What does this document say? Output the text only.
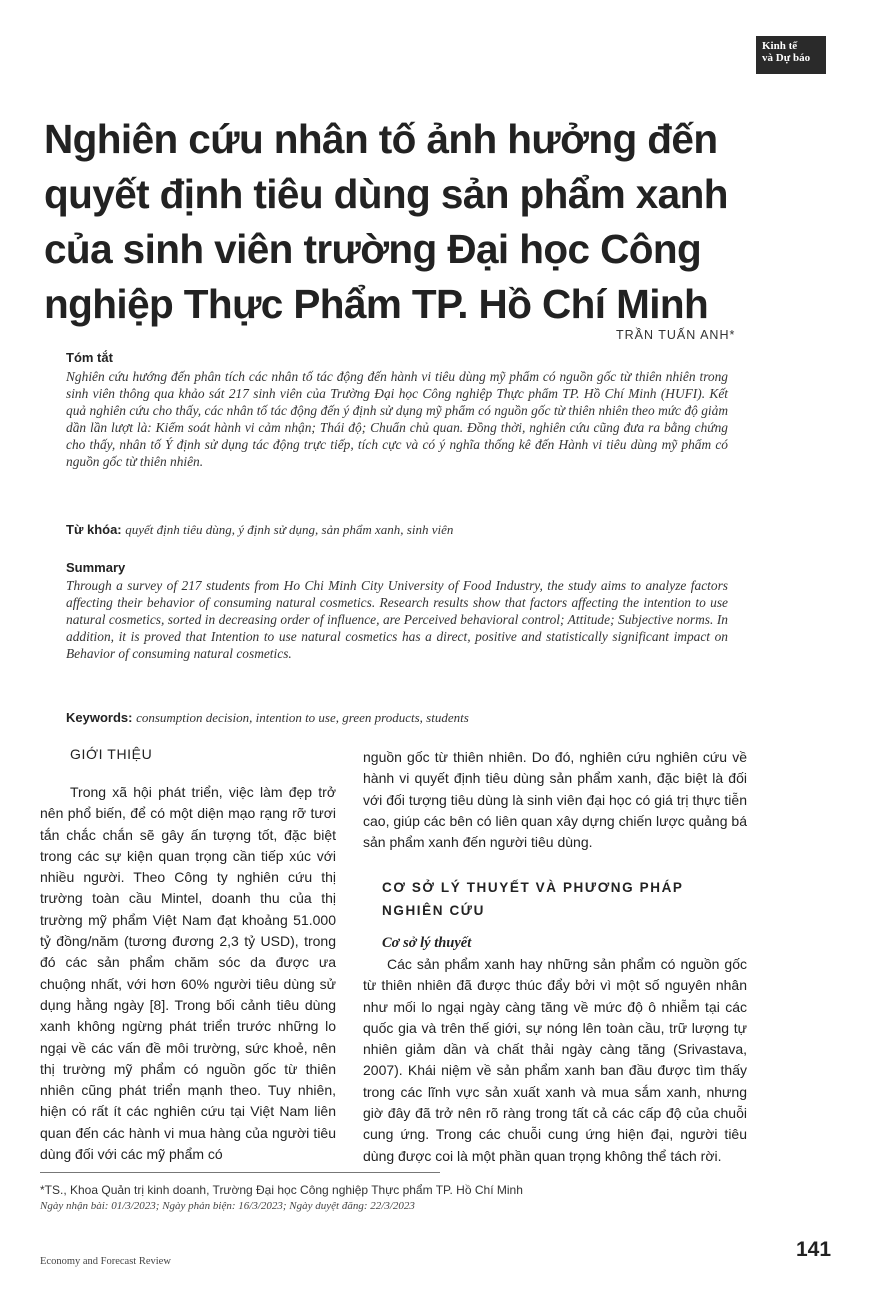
Kinh tế
và Dự báo
Nghiên cứu nhân tố ảnh hưởng đến quyết định tiêu dùng sản phẩm xanh của sinh viên trường Đại học Công nghiệp Thực Phẩm TP. Hồ Chí Minh
TRẦN TUẤN ANH*
Tóm tắt
Nghiên cứu hướng đến phân tích các nhân tố tác động đến hành vi tiêu dùng mỹ phẩm có nguồn gốc từ thiên nhiên trong sinh viên thông qua khảo sát 217 sinh viên của Trường Đại học Công nghiệp Thực phẩm TP. Hồ Chí Minh (HUFI). Kết quả nghiên cứu cho thấy, các nhân tố tác động đến ý định sử dụng mỹ phẩm có nguồn gốc từ thiên nhiên theo mức độ giảm dần lần lượt là: Kiểm soát hành vi cảm nhận; Thái độ; Chuẩn chủ quan. Đồng thời, nghiên cứu cũng đưa ra bằng chứng cho thấy, nhân tố Ý định sử dụng tác động trực tiếp, tích cực và có ý nghĩa thống kê đến Hành vi tiêu dùng mỹ phẩm có nguồn gốc từ thiên nhiên.
Từ khóa: quyết định tiêu dùng, ý định sử dụng, sản phẩm xanh, sinh viên
Summary
Through a survey of 217 students from Ho Chi Minh City University of Food Industry, the study aims to analyze factors affecting their behavior of consuming natural cosmetics. Research results show that factors affecting the intention to use natural cosmetics, sorted in decreasing order of influence, are Perceived behavioral control; Attitude; Subjective norms. In addition, it is proved that Intention to use natural cosmetics has a direct, positive and statistically significant impact on Behavior of consuming natural cosmetics.
Keywords: consumption decision, intention to use, green products, students
GIỚI THIỆU

Trong xã hội phát triển, việc làm đẹp trở nên phổ biến, để có một diện mạo rạng rỡ tươi tắn chắc chắn sẽ gây ấn tượng tốt, đặc biệt trong các sự kiện quan trọng cần tiếp xúc với nhiều người. Theo Công ty nghiên cứu thị trường toàn cầu Mintel, doanh thu của thị trường mỹ phẩm Việt Nam đạt khoảng 51.000 tỷ đồng/năm (tương đương 2,3 tỷ USD), trong đó các sản phẩm chăm sóc da được ưa chuộng nhất, với hơn 60% người tiêu dùng sử dụng hằng ngày [8]. Trong bối cảnh tiêu dùng xanh không ngừng phát triển trước những lo ngại về các vấn đề môi trường, sức khoẻ, nên thị trường mỹ phẩm có nguồn gốc từ thiên nhiên cũng phát triển mạnh theo. Tuy nhiên, hiện có rất ít các nghiên cứu tại Việt Nam liên quan đến các hành vi mua hàng của người tiêu dùng đối với các mỹ phẩm có

nguồn gốc từ thiên nhiên. Do đó, nghiên cứu nghiên cứu về hành vi quyết định tiêu dùng sản phẩm xanh, đặc biệt là đối với đối tượng tiêu dùng là sinh viên đại học có giá trị thực tiễn cao, giúp các bên có liên quan xây dựng chiến lược quảng bá sản phẩm xanh đến người tiêu dùng.

CƠ SỞ LÝ THUYẾT VÀ PHƯƠNG PHÁP NGHIÊN CỨU
Cơ sở lý thuyết

Các sản phẩm xanh hay những sản phẩm có nguồn gốc từ thiên nhiên đã được thúc đẩy bởi vì một số nguyên nhân như mối lo ngại ngày càng tăng về mức độ ô nhiễm tại các quốc gia và trên thế giới, sự nóng lên toàn cầu, trữ lượng tự nhiên giảm dần và chất thải ngày càng tăng (Srivastava, 2007). Khái niệm về sản phẩm xanh ban đầu được tìm thấy trong các lĩnh vực sản xuất xanh và mua sắm xanh, nhưng giờ đây đã trở nên rõ ràng trong tất cả các cấp độ của chuỗi cung ứng. Trong các chuỗi cung ứng hiện đại, người tiêu dùng được coi là một phần quan trọng không thể tách rời.

*TS., Khoa Quản trị kinh doanh, Trường Đại học Công nghiệp Thực phẩm TP. Hồ Chí Minh
Ngày nhận bài: 01/3/2023; Ngày phản biện: 16/3/2023; Ngày duyệt đăng: 22/3/2023
Economy and Forecast Review
141
